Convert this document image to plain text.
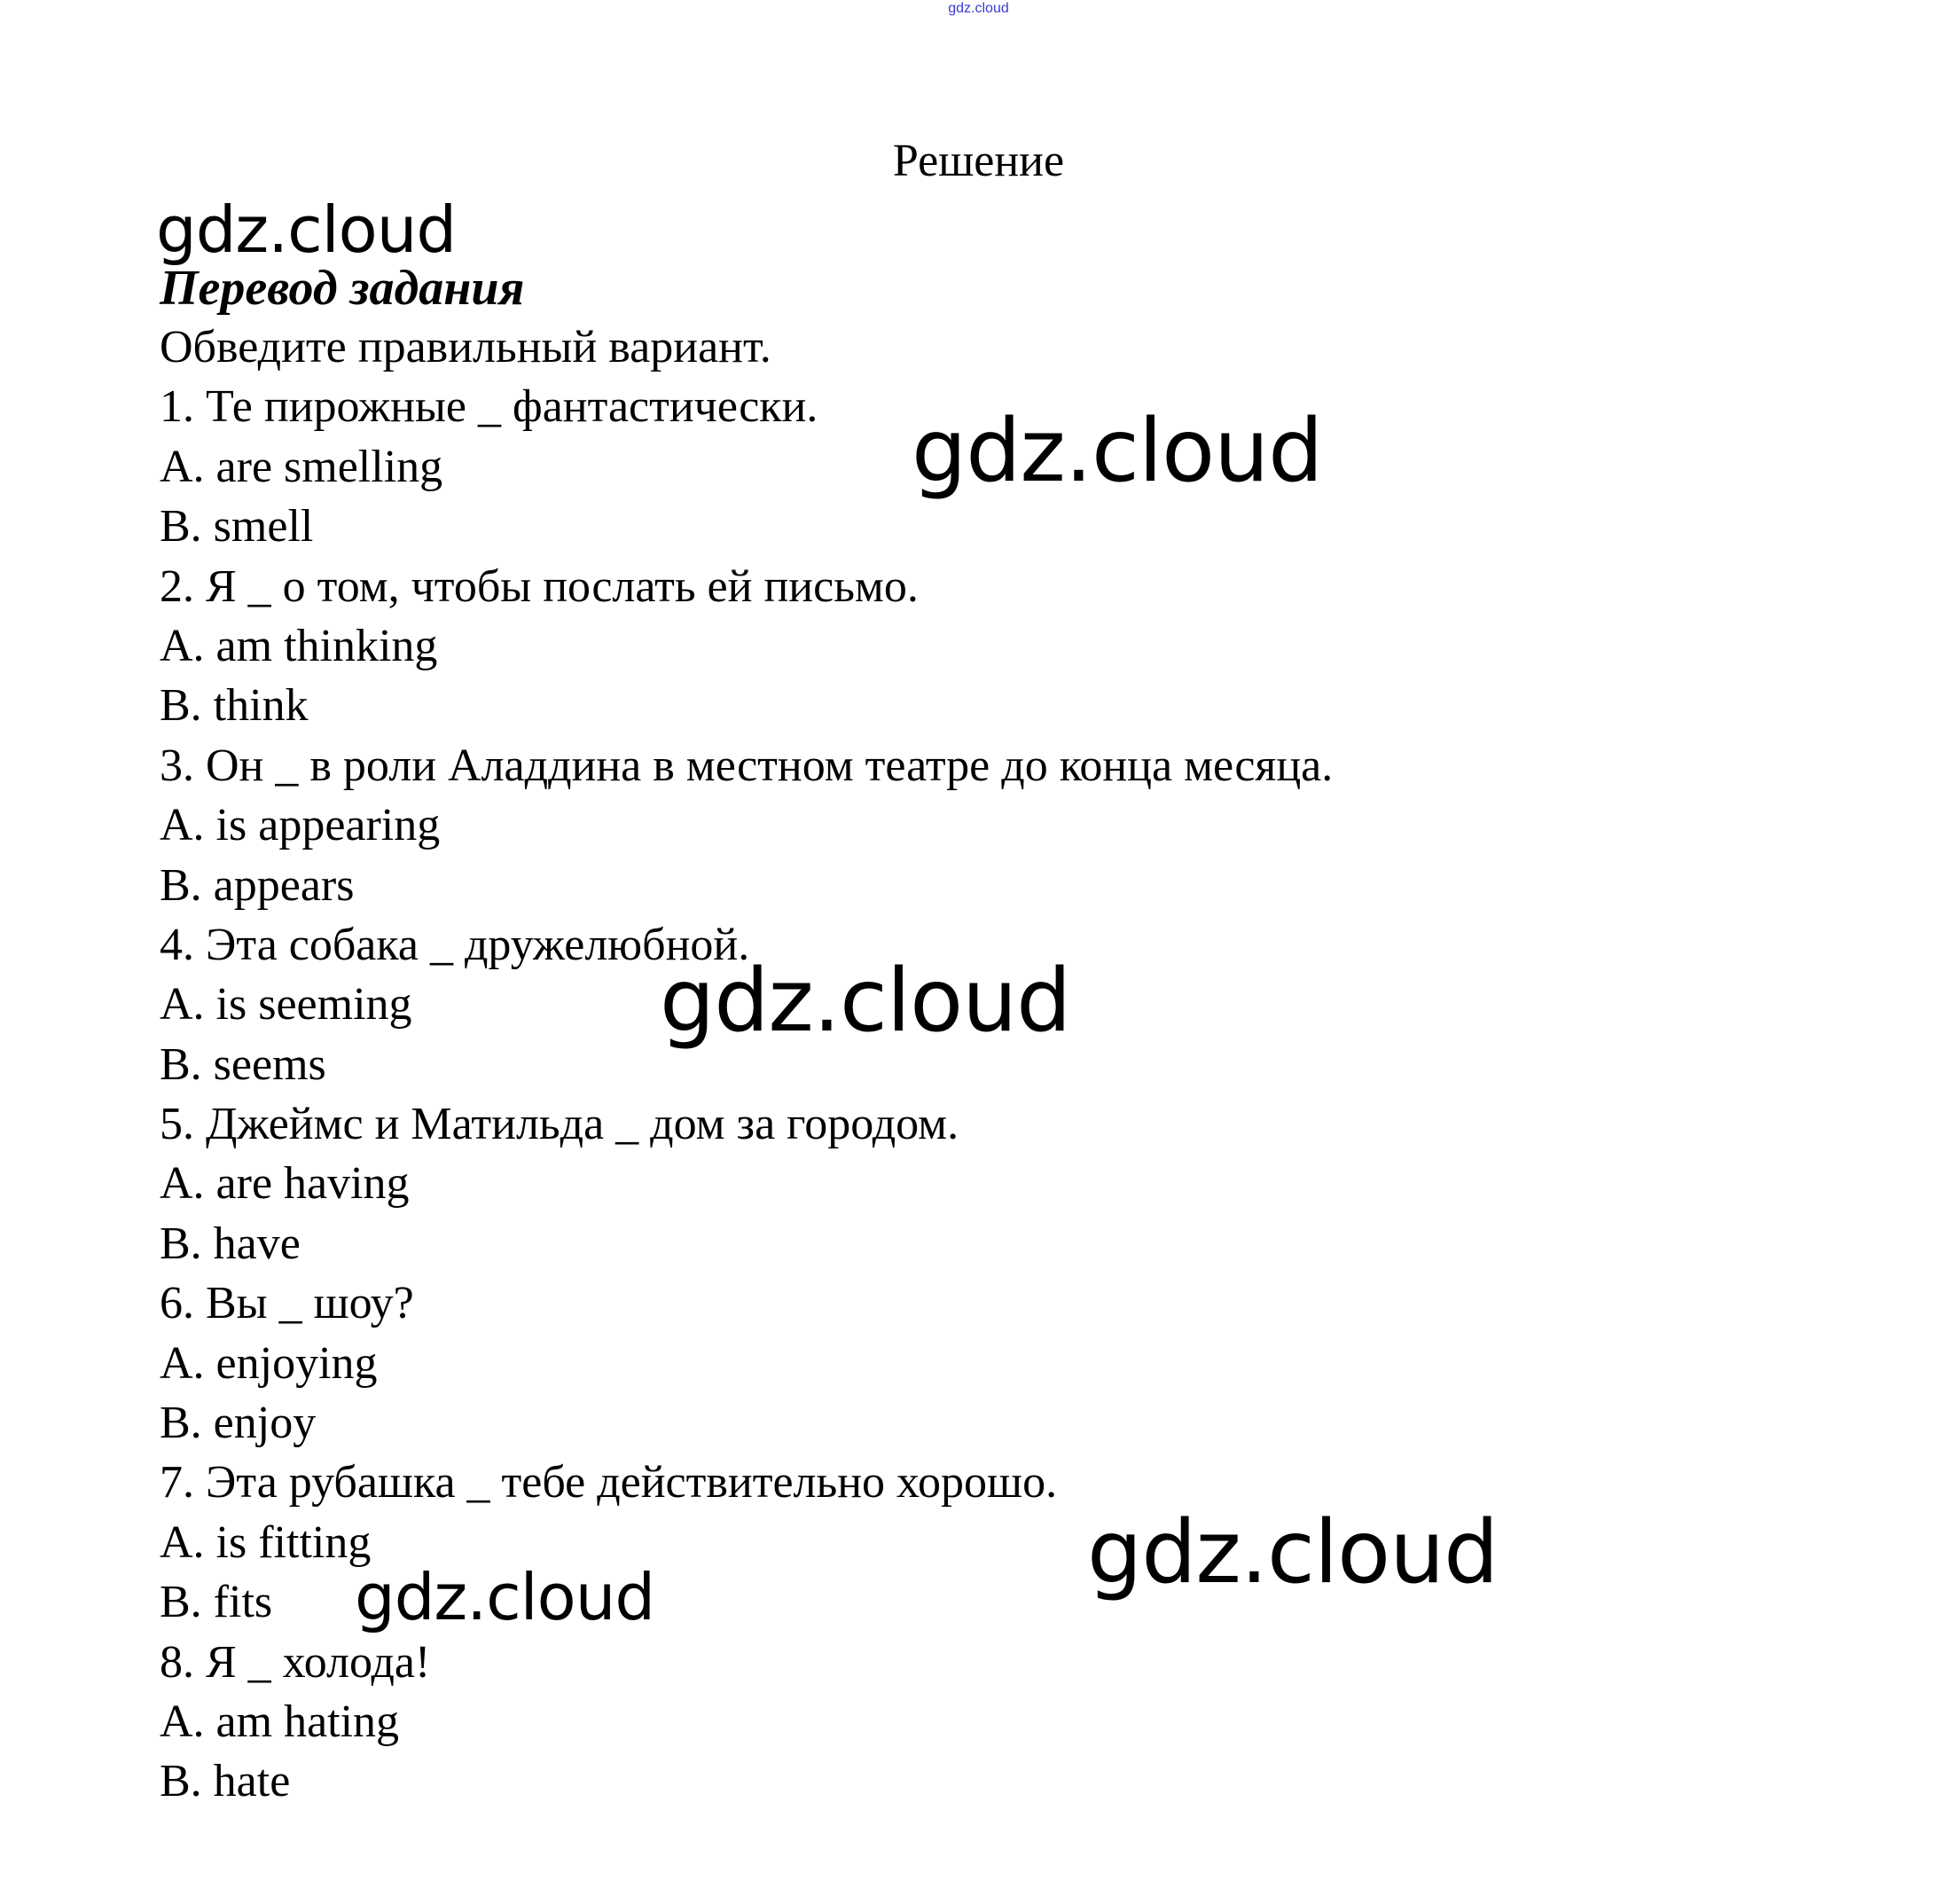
gdz.cloud
Решение
Перевод задания
Обведите правильный вариант.
1. Те пирожные _ фантастически.
A. are smelling
B. smell
2. Я _ о том, чтобы послать ей письмо.
A. am thinking
B. think
3. Он _ в роли Аладдина в местном театре до конца месяца.
A. is appearing
B. appears
4. Эта собака _ дружелюбной.
A. is seeming
B. seems
5. Джеймс и Матильда _ дом за городом.
A. are having
B. have
6. Вы _ шоу?
A. enjoying
B. enjoy
7. Эта рубашка _ тебе действительно хорошо.
A. is fitting
B. fits
8. Я _ холода!
A. am hating
B. hate
gdz.cloud
gdz.cloud
gdz.cloud
gdz.cloud
gdz.cloud
